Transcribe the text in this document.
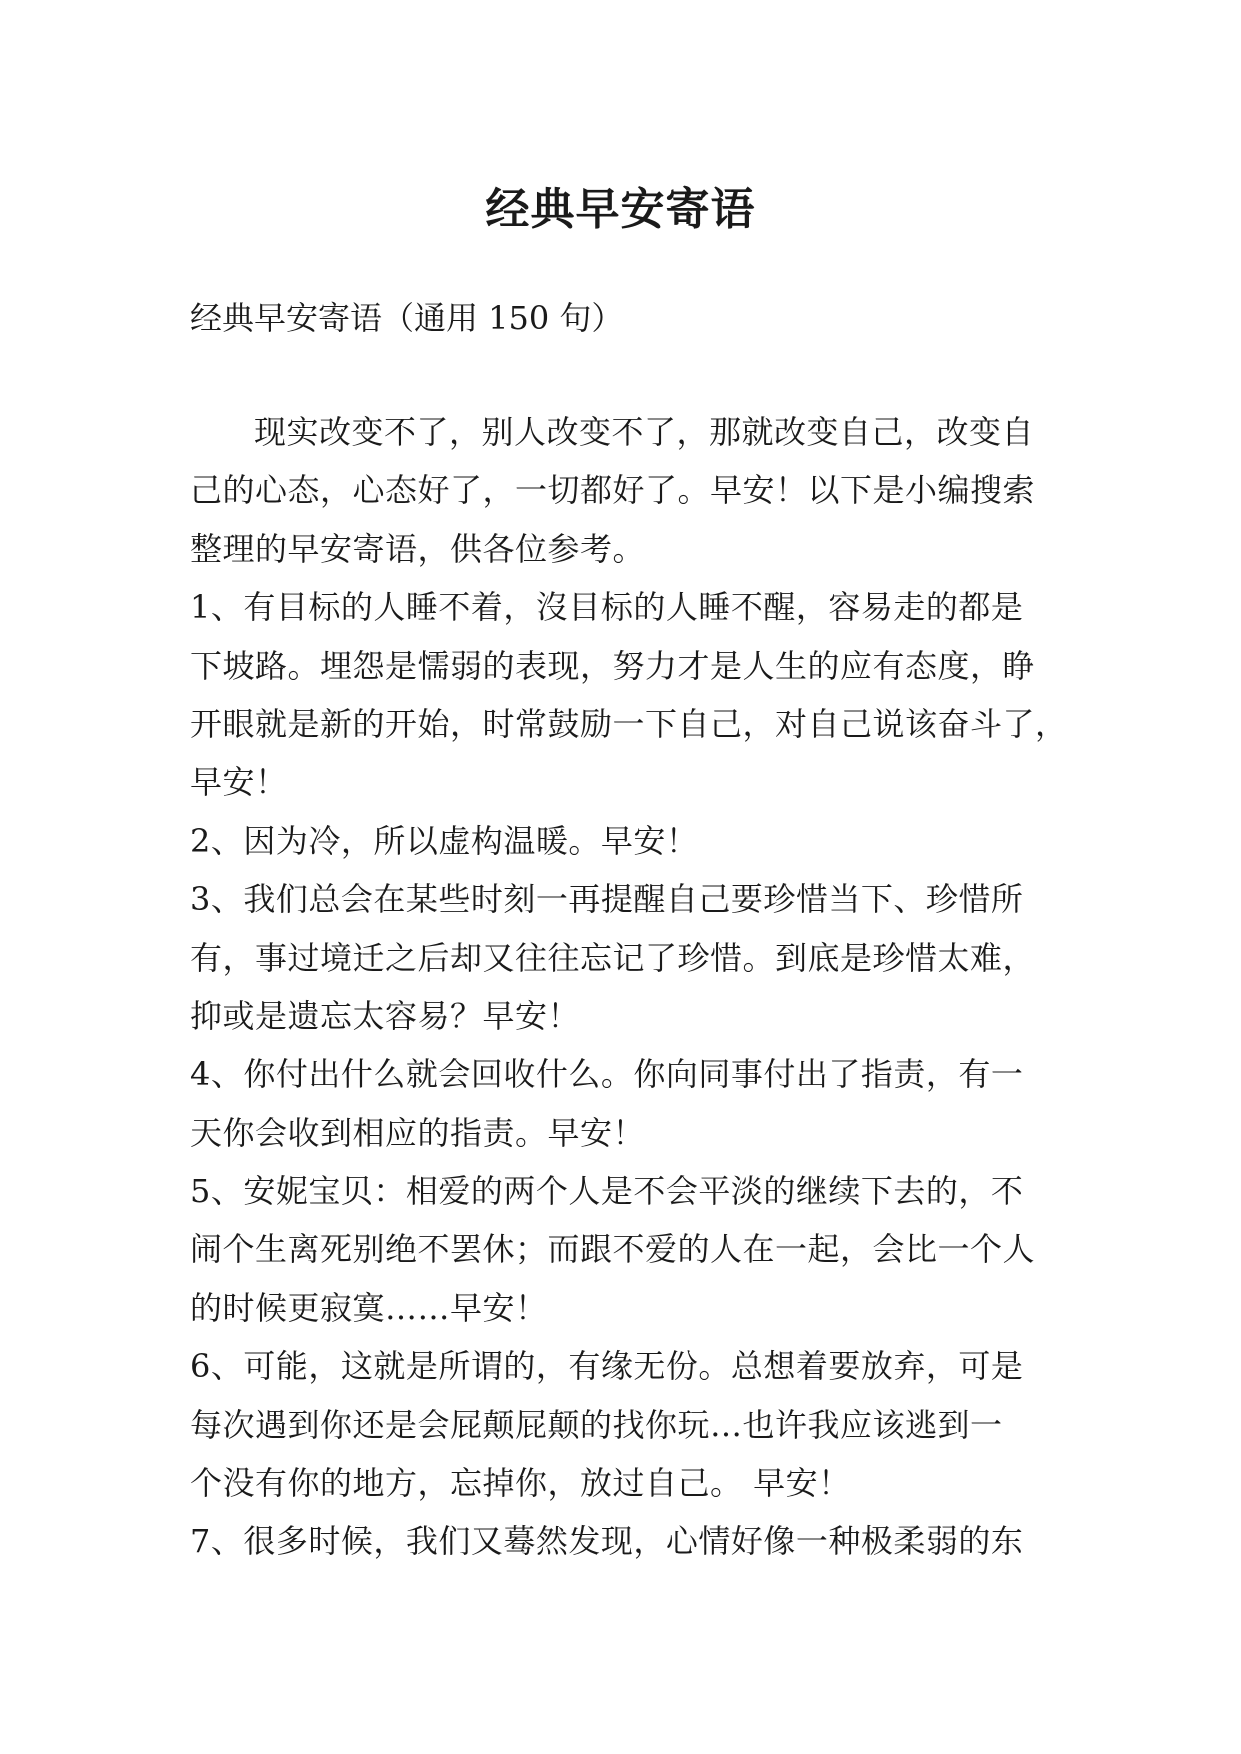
经典早安寄语
经典早安寄语（通用 150 句）
现实改变不了，别人改变不了，那就改变自己，改变自
己的心态，心态好了，一切都好了。早安！以下是小编搜索
整理的早安寄语，供各位参考。
1、有目标的人睡不着，沒目标的人睡不醒，容易走的都是
下坡路。埋怨是懦弱的表现，努力才是人生的应有态度，睁
开眼就是新的开始，时常鼓励一下自己，对自己说该奋斗了，
早安！
2、因为冷，所以虚构温暖。早安！
3、我们总会在某些时刻一再提醒自己要珍惜当下、珍惜所
有，事过境迁之后却又往往忘记了珍惜。到底是珍惜太难，
抑或是遗忘太容易？早安！
4、你付出什么就会回收什么。你向同事付出了指责，有一
天你会收到相应的指责。早安！
5、安妮宝贝：相爱的两个人是不会平淡的继续下去的，不
闹个生离死别绝不罢休；而跟不爱的人在一起，会比一个人
的时候更寂寞……早安！
6、可能，这就是所谓的，有缘无份。总想着要放弃，可是
每次遇到你还是会屁颠屁颠的找你玩…也许我应该逃到一
个没有你的地方，忘掉你，放过自己。 早安！
7、很多时候，我们又蓦然发现，心情好像一种极柔弱的东
